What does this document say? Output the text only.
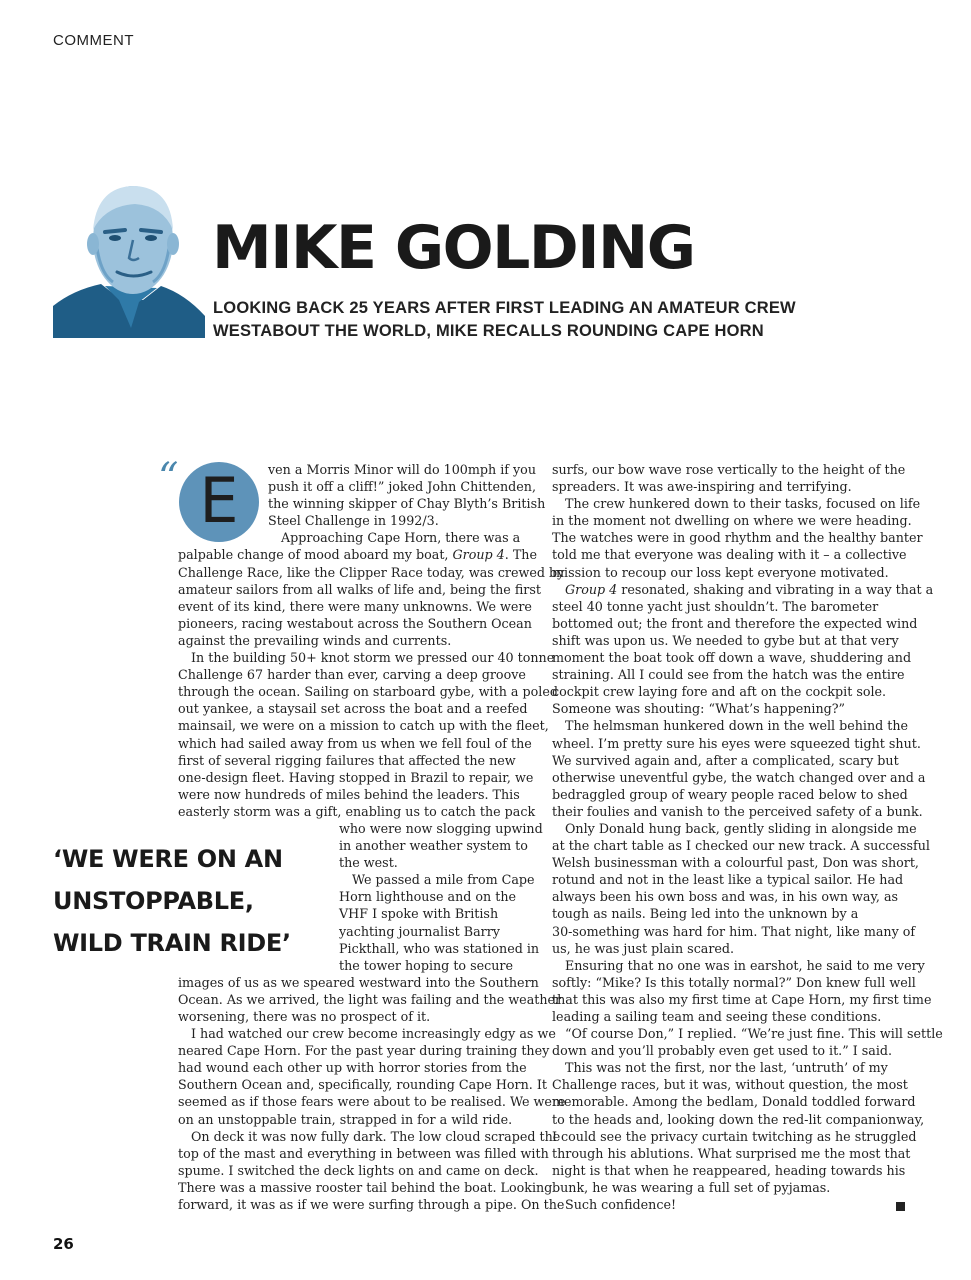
COMMENT
MIKE GOLDING
LOOKING BACK 25 YEARS AFTER FIRST LEADING AN AMATEUR CREW
WESTABOUT THE WORLD, MIKE RECALLS ROUNDING CAPE HORN
“ E	ven a Morris Minor will do 100mph if you
push it off a cliff!” joked John Chittenden,
the winning skipper of Chay Blyth’s British
Steel Challenge in 1992/3.
Approaching Cape Horn, there was a
palpable change of mood aboard my boat, Group 4. The
Challenge Race, like the Clipper Race today, was crewed by
amateur sailors from all walks of life and, being the first
event of its kind, there were many unknowns. We were
pioneers, racing westabout across the Southern Ocean
against the prevailing winds and currents.
In the building 50+ knot storm we pressed our 40 tonne
Challenge 67 harder than ever, carving a deep groove
through the ocean. Sailing on starboard gybe, with a poled
out yankee, a staysail set across the boat and a reefed
mainsail, we were on a mission to catch up with the fleet,
which had sailed away from us when we fell foul of the
first of several rigging failures that affected the new
one-design fleet. Having stopped in Brazil to repair, we
were now hundreds of miles behind the leaders. This
easterly storm was a gift, enabling us to catch the pack
who were now slogging upwind
in another weather system to
the west.
We passed a mile from Cape
Horn lighthouse and on the
VHF I spoke with British
yachting journalist Barry
Pickthall, who was stationed in
the tower hoping to secure
images of us as we speared westward into the Southern
Ocean. As we arrived, the light was failing and the weather
worsening, there was no prospect of it.
I had watched our crew become increasingly edgy as we
neared Cape Horn. For the past year during training they
had wound each other up with horror stories from the
Southern Ocean and, specifically, rounding Cape Horn. It
seemed as if those fears were about to be realised. We were
on an unstoppable train, strapped in for a wild ride.
On deck it was now fully dark. The low cloud scraped the
top of the mast and everything in between was filled with
spume. I switched the deck lights on and came on deck.
There was a massive rooster tail behind the boat. Looking
forward, it was as if we were surfing through a pipe. On the
‘WE WERE ON AN
UNSTOPPABLE,
WILD TRAIN RIDE’
surfs, our bow wave rose vertically to the height of the
spreaders. It was awe-inspiring and terrifying.
The crew hunkered down to their tasks, focused on life
in the moment not dwelling on where we were heading.
The watches were in good rhythm and the healthy banter
told me that everyone was dealing with it – a collective
mission to recoup our loss kept everyone motivated.
Group 4 resonated, shaking and vibrating in a way that a
steel 40 tonne yacht just shouldn’t. The barometer
bottomed out; the front and therefore the expected wind
shift was upon us. We needed to gybe but at that very
moment the boat took off down a wave, shuddering and
straining. All I could see from the hatch was the entire
cockpit crew laying fore and aft on the cockpit sole.
Someone was shouting: “What’s happening?”
The helmsman hunkered down in the well behind the
wheel. I’m pretty sure his eyes were squeezed tight shut.
We survived again and, after a complicated, scary but
otherwise uneventful gybe, the watch changed over and a
bedraggled group of weary people raced below to shed
their foulies and vanish to the perceived safety of a bunk.
Only Donald hung back, gently sliding in alongside me
at the chart table as I checked our new track. A successful
Welsh businessman with a colourful past, Don was short,
rotund and not in the least like a typical sailor. He had
always been his own boss and was, in his own way, as
tough as nails. Being led into the unknown by a
30-something was hard for him. That night, like many of
us, he was just plain scared.
Ensuring that no one was in earshot, he said to me very
softly: “Mike? Is this totally normal?” Don knew full well
that this was also my first time at Cape Horn, my first time
leading a sailing team and seeing these conditions.
“Of course Don,” I replied. “We’re just fine. This will settle
down and you’ll probably even get used to it.” I said.
This was not the first, nor the last, ‘untruth’ of my
Challenge races, but it was, without question, the most
memorable. Among the bedlam, Donald toddled forward
to the heads and, looking down the red-lit companionway,
I could see the privacy curtain twitching as he struggled
through his ablutions. What surprised me the most that
night is that when he reappeared, heading towards his
bunk, he was wearing a full set of pyjamas.
Such confidence!
26
